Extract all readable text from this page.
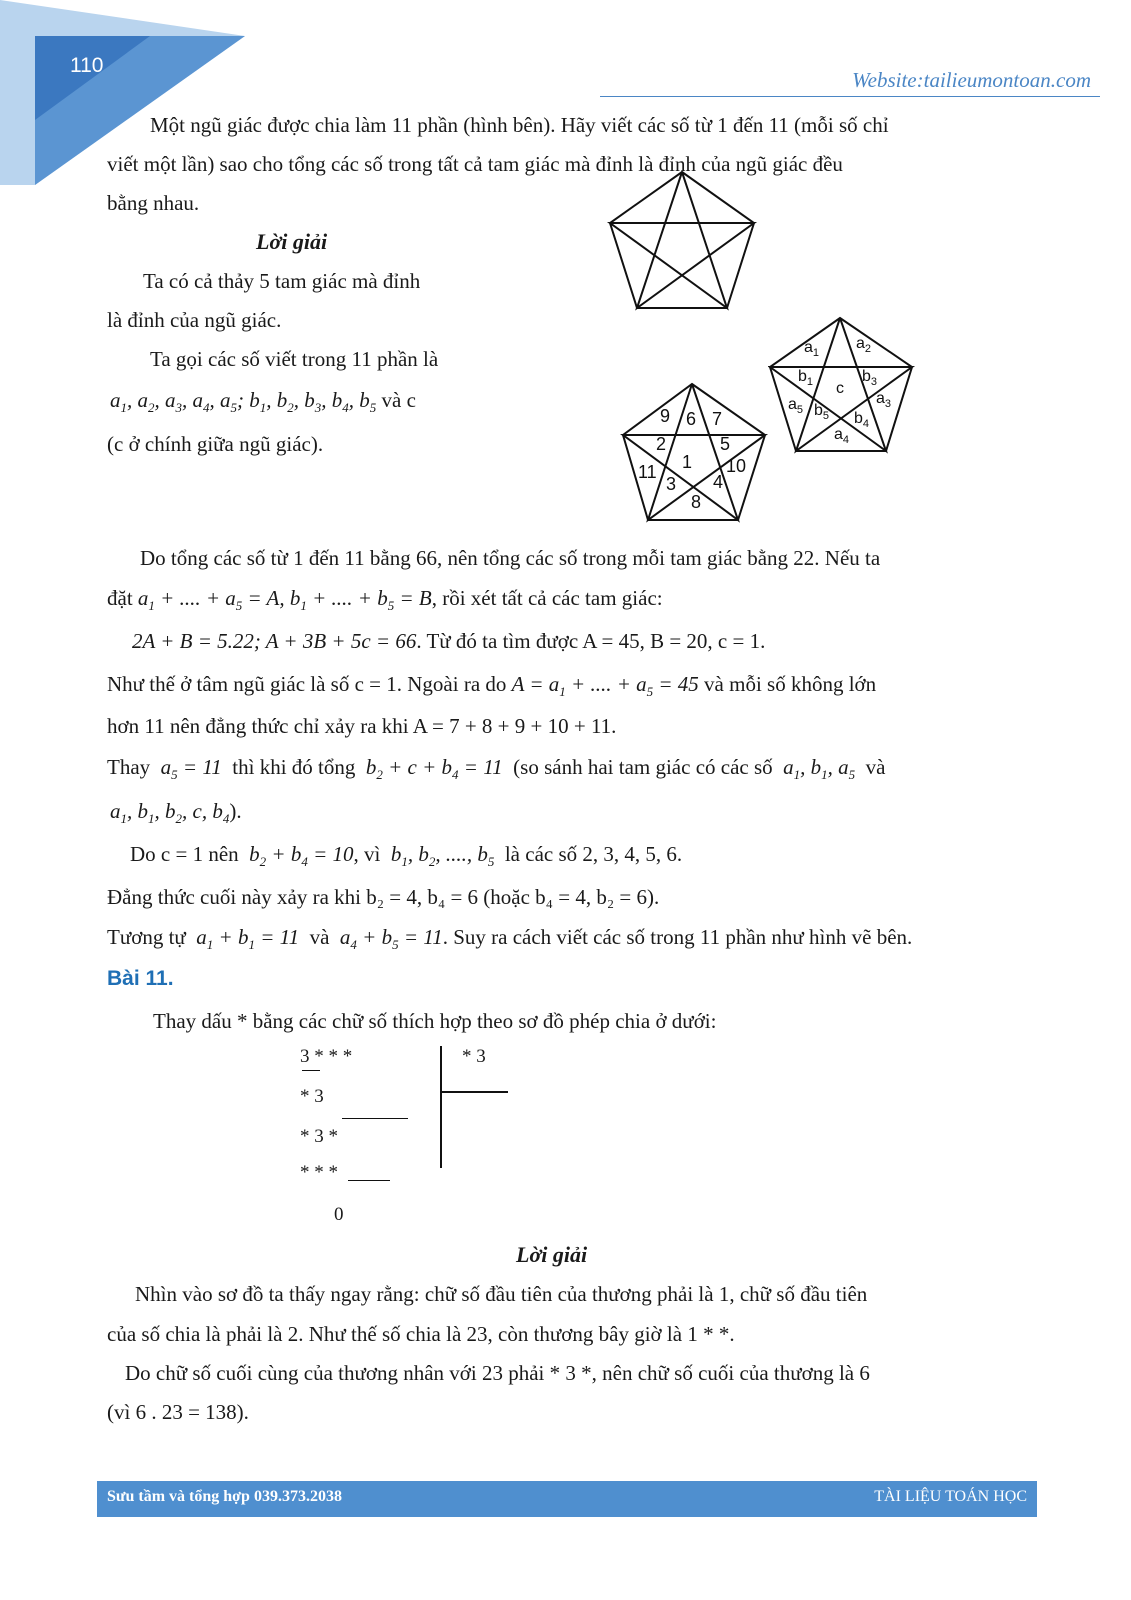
110
Website:tailieumontoan.com
Một ngũ giác được chia làm 11 phần (hình bên). Hãy viết các số từ 1 đến 11 (mỗi số chỉ
viết một lần) sao cho tổng các số trong tất cả tam giác mà đỉnh là đỉnh của ngũ giác đều
bằng nhau.
Lời giải
Ta có cả thảy 5 tam giác mà đỉnh
là đỉnh của ngũ giác.
Ta gọi các số viết trong 11 phần là
$a_1$, $a_2$, $a_3$, $a_4$, $a_5$; $b_1$, $b_2$, $b_3$, $b_4$, $b_5$ và c
(c ở chính giữa ngũ giác).
9 6 7
2	5
1
11	10
3 4
8
$a_1$
$a_2$
$b_1$ c
$b_3$
$a_5$ $b_5$
$a_3$
$b_4$
$a_4$
Do tổng các số từ 1 đến 11 bằng 66, nên tổng các số trong mỗi tam giác bằng 22. Nếu ta
đặt $a_1$ + .... + $a_5 = A$, $b_1$ + .... + $b_5 = B$, rồi xét tất cả các tam giác:
2A + B = 5.22; A + 3B + 5c = 66. Từ đó ta tìm được A = 45, B = 20, c = 1.
Như thế ở tâm ngũ giác là số c = 1. Ngoài ra do $A = a_1$ + .... + $a_5 = 45$ và mỗi số không lớn
hơn 11 nên đẳng thức chỉ xảy ra khi A = 7 + 8 + 9 + 10 + 11.
Thay  $a_5 = 11$  thì khi đó tổng  $b_2 + c + b_4 = 11$  (so sánh hai tam giác có các số  $a_1$, $b_1$, $a_5$ và
$a_1$, $b_1$, $b_2$, c, $b_4$).
Do c = 1 nên  $b_2 + b_4 = 10$, vì  $b_1$, $b_2$, ...., $b_5$ là các số 2, 3, 4, 5, 6.
Đẳng thức cuối này xảy ra khi b₂ = 4, b₄ = 6 (hoặc b₄ = 4, b₂ = 6).
Tương tự  $a_1 + b_1 = 11$  và  $a_4 + b_5 = 11$. Suy ra cách viết các số trong 11 phần như hình vẽ bên.
Bài 11.
Thay dấu * bằng các chữ số thích hợp theo sơ đồ phép chia ở dưới:
3 * * *	* 3
* 3
* 3 *
* * *
0
Lời giải
Nhìn vào sơ đồ ta thấy ngay rằng: chữ số đầu tiên của thương phải là 1, chữ số đầu tiên
của số chia là phải là 2. Như thế số chia là 23, còn thương bây giờ là 1 * *.
Do chữ số cuối cùng của thương nhân với 23 phải * 3 *, nên chữ số cuối của thương là 6
(vì 6 . 23 = 138).
Sưu tầm và tổng hợp 039.373.2038	TÀI LIỆU TOÁN HỌC
